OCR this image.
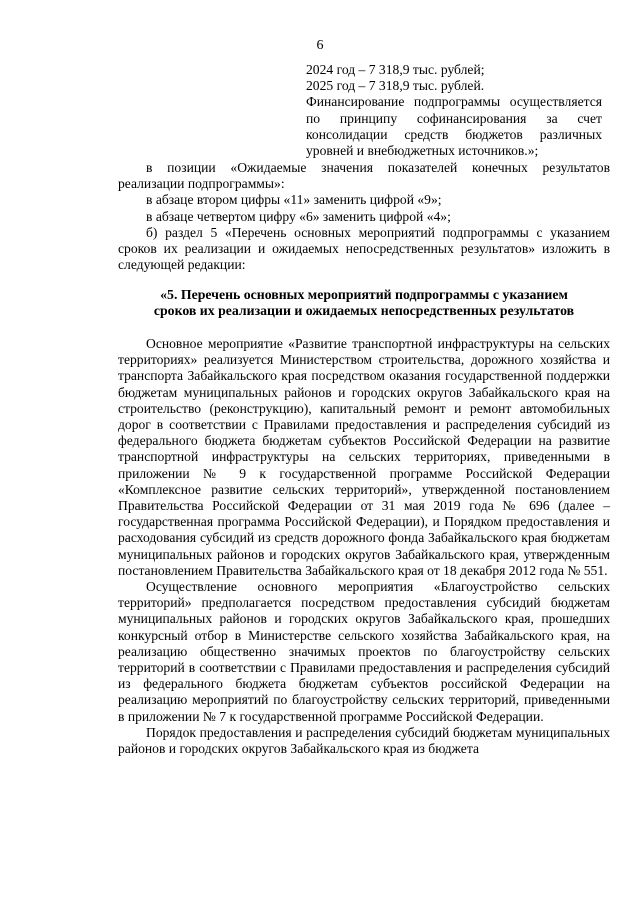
6

2024 год – 7 318,9 тыс. рублей;

2025 год – 7 318,9 тыс. рублей.

Финансирование подпрограммы осуществляется по принципу софинансирования за счет консолидации средств бюджетов различных уровней и внебюджетных источников.»;

в позиции «Ожидаемые значения показателей конечных результатов реализации подпрограммы»:

в абзаце втором цифры «11» заменить цифрой «9»;

в абзаце четвертом цифру «6» заменить цифрой «4»;

б) раздел 5 «Перечень основных мероприятий подпрограммы с указанием сроков их реализации и ожидаемых непосредственных результатов» изложить в следующей редакции:

«5. Перечень основных мероприятий подпрограммы с указанием
сроков их реализации и ожидаемых непосредственных результатов

Основное мероприятие «Развитие транспортной инфраструктуры на сельских территориях» реализуется Министерством строительства, дорожного хозяйства и транспорта Забайкальского края посредством оказания государственной поддержки бюджетам муниципальных районов и городских округов Забайкальского края на строительство (реконструкцию), капитальный ремонт и ремонт автомобильных дорог в соответствии с Правилами предоставления и распределения субсидий из федерального бюджета бюджетам субъектов Российской Федерации на развитие транспортной инфраструктуры на сельских территориях, приведенными в приложении № 9 к государственной программе Российской Федерации «Комплексное развитие сельских территорий», утвержденной постановлением Правительства Российской Федерации от 31 мая 2019 года № 696 (далее – государственная программа Российской Федерации), и Порядком предоставления и расходования субсидий из средств дорожного фонда Забайкальского края бюджетам муниципальных районов и городских округов Забайкальского края, утвержденным постановлением Правительства Забайкальского края от 18 декабря 2012 года № 551.

Осуществление основного мероприятия «Благоустройство сельских территорий» предполагается посредством предоставления субсидий бюджетам муниципальных районов и городских округов Забайкальского края, прошедших конкурсный отбор в Министерстве сельского хозяйства Забайкальского края, на реализацию общественно значимых проектов по благоустройству сельских территорий в соответствии с Правилами предоставления и распределения субсидий из федерального бюджета бюджетам субъектов российской Федерации на реализацию мероприятий по благоустройству сельских территорий, приведенными в приложении № 7 к государственной программе Российской Федерации.

Порядок предоставления и распределения субсидий бюджетам муниципальных районов и городских округов Забайкальского края из бюджета
